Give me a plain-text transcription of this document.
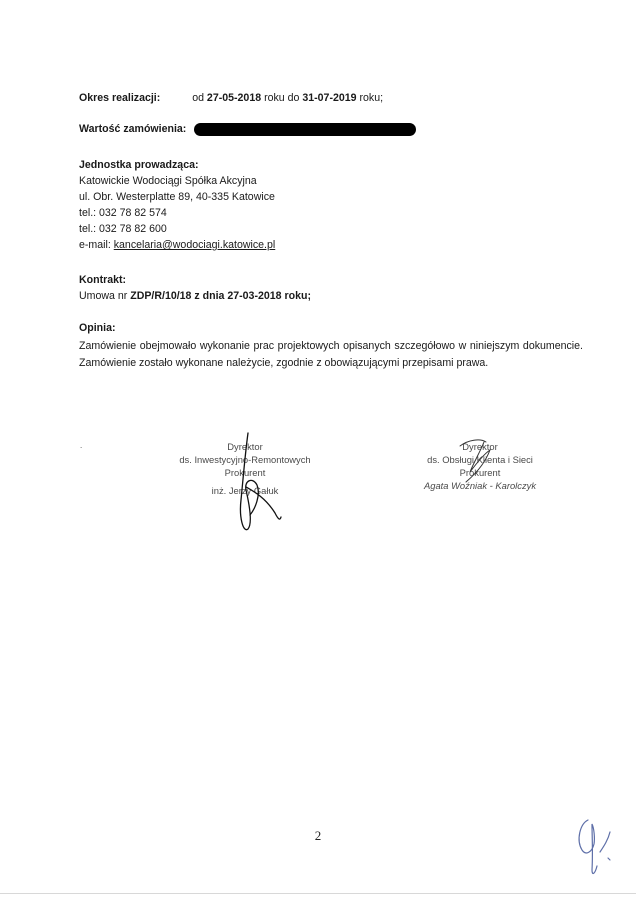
Okres realizacji:	od 27-05-2018 roku do 31-07-2019 roku;
Wartość zamówienia:
Jednostka prowadząca:
Katowickie Wodociągi Spółka Akcyjna
ul. Obr. Westerplatte 89, 40-335 Katowice
tel.: 032 78 82 574
tel.: 032 78 82 600
e-mail: kancelaria@wodociagi.katowice.pl
Kontrakt:
Umowa nr ZDP/R/10/18 z dnia 27-03-2018 roku;
Opinia:
Zamówienie obejmowało wykonanie prac projektowych opisanych szczegółowo w niniejszym dokumencie. Zamówienie zostało wykonane należycie, zgodnie z obowiązującymi przepisami prawa.
.	Dyrektor
ds. Inwestycyjno-Remontowych
Prokurent
inż. Jerzy Gałuk
Dyrektor
ds. Obsługi Klienta i Sieci
Prokurent
Agata Woźniak - Karolczyk
2
